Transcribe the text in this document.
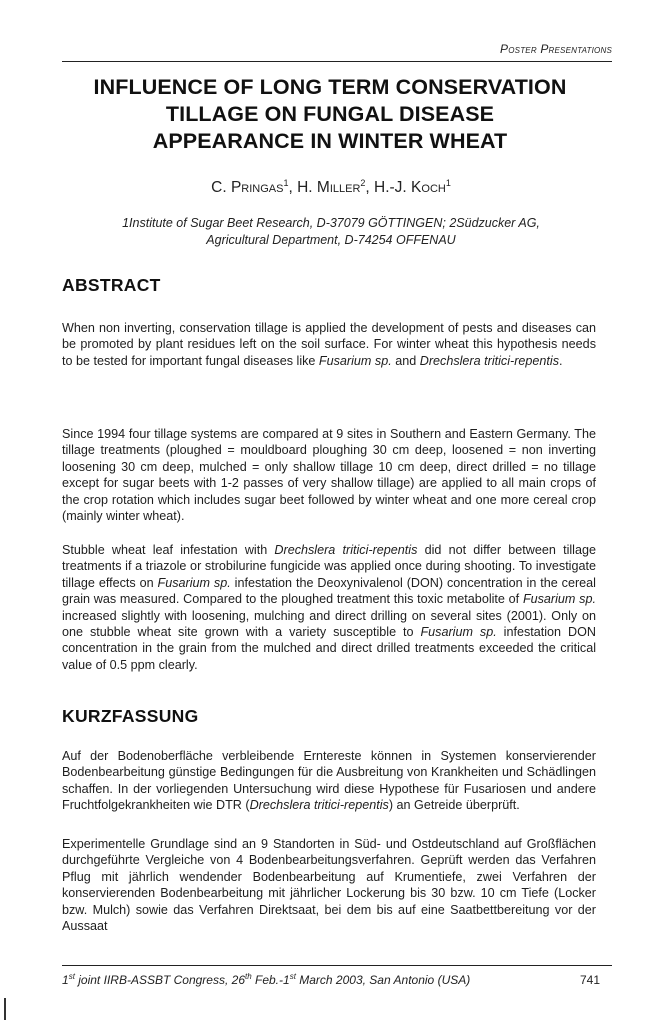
Poster Presentations
INFLUENCE OF LONG TERM CONSERVATION
TILLAGE ON FUNGAL DISEASE
APPEARANCE IN WINTER WHEAT
C. Pringas$^1$, H. Miller$^2$, H.-J. Koch$^1$
1Institute of Sugar Beet Research, D-37079 GÖTTINGEN; 2Südzucker AG,
Agricultural Department, D-74254 OFFENAU
ABSTRACT

When non inverting, conservation tillage is applied the development of pests and diseases can be promoted by plant residues left on the soil surface. For winter wheat this hypothesis needs to be tested for important fungal diseases like Fusarium sp. and Drechslera tritici-repentis.

Since 1994 four tillage systems are compared at 9 sites in Southern and Eastern Germany. The tillage treatments (ploughed = mouldboard ploughing 30 cm deep, loosened = non inverting loosening 30 cm deep, mulched = only shallow tillage 10 cm deep, direct drilled = no tillage except for sugar beets with 1-2 passes of very shallow tillage) are applied to all main crops of the crop rotation which includes sugar beet followed by winter wheat and one more cereal crop (mainly winter wheat).

Stubble wheat leaf infestation with Drechslera tritici-repentis did not differ between tillage treatments if a triazole or strobilurine fungicide was applied once during shooting. To investigate tillage effects on Fusarium sp. infestation the Deoxynivalenol (DON) concentration in the cereal grain was measured. Compared to the ploughed treatment this toxic metabolite of Fusarium sp. increased slightly with loosening, mulching and direct drilling on several sites (2001). Only on one stubble wheat site grown with a variety susceptible to Fusarium sp. infestation DON concentration in the grain from the mulched and direct drilled treatments exceeded the critical value of 0.5 ppm clearly.

KURZFASSUNG

Auf der Bodenoberfläche verbleibende Erntereste können in Systemen konservierender Bodenbearbeitung günstige Bedingungen für die Ausbreitung von Krankheiten und Schädlingen schaffen. In der vorliegenden Untersuchung wird diese Hypothese für Fusariosen und andere Fruchtfolgekrankheiten wie DTR (Drechslera tritici-repentis) an Getreide überprüft.

Experimentelle Grundlage sind an 9 Standorten in Süd- und Ostdeutschland auf Großflächen durchgeführte Vergleiche von 4 Bodenbearbeitungsverfahren. Geprüft werden das Verfahren Pflug mit jährlich wendender Bodenbearbeitung auf Krumentiefe, zwei Verfahren der konservierenden Bodenbearbeitung mit jährlicher Lockerung bis 30 bzw. 10 cm Tiefe (Locker bzw. Mulch) sowie das Verfahren Direktsaat, bei dem bis auf eine Saatbettbereitung vor der Aussaat

1st joint IIRB-ASSBT Congress, 26th Feb.-1st March 2003, San Antonio (USA)	741
